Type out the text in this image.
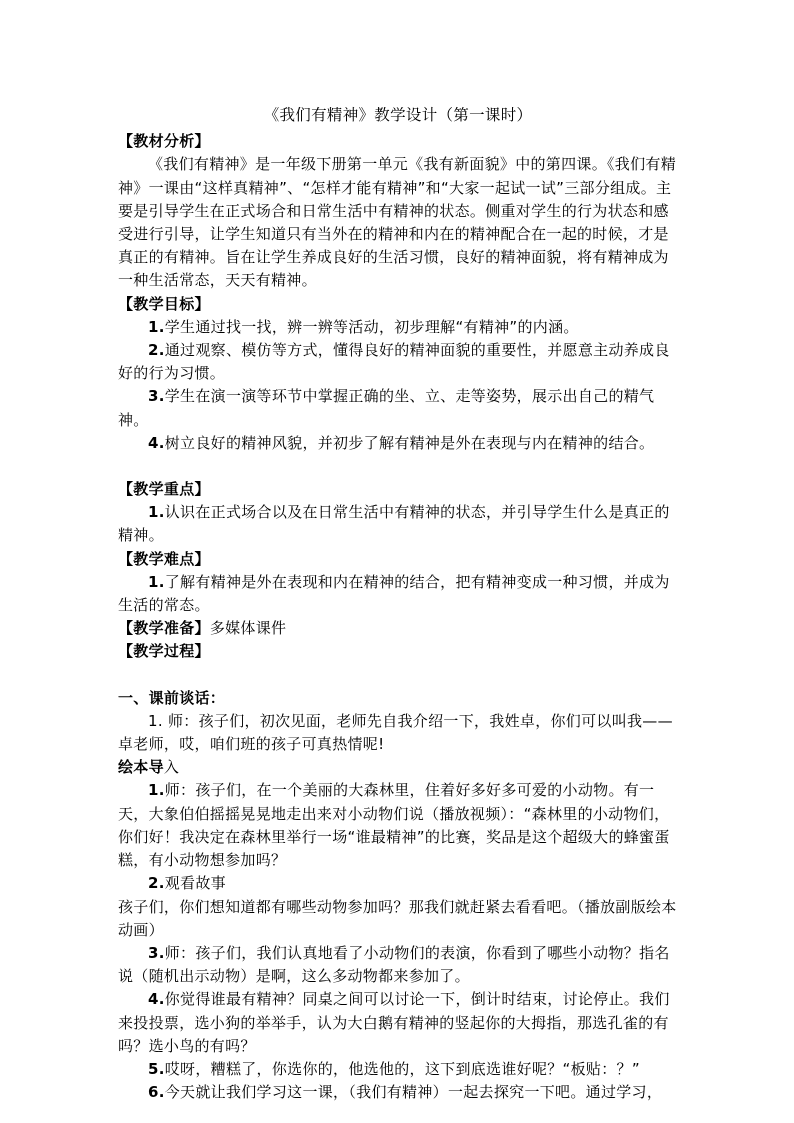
《我们有精神》教学设计（第一课时）
【教材分析】

《我们有精神》是一年级下册第一单元《我有新面貌》中的第四课。《我们有精神》一课由“这样真精神”、“怎样才能有精神”和“大家一起试一试”三部分组成。主要是引导学生在正式场合和日常生活中有精神的状态。侧重对学生的行为状态和感受进行引导，让学生知道只有当外在的精神和内在的精神配合在一起的时候，才是真正的有精神。旨在让学生养成良好的生活习惯，良好的精神面貌，将有精神成为一种生活常态，天天有精神。

【教学目标】

1.学生通过找一找，辨一辨等活动，初步理解“有精神”的内涵。

2.通过观察、模仿等方式，懂得良好的精神面貌的重要性，并愿意主动养成良好的行为习惯。

3.学生在演一演等环节中掌握正确的坐、立、走等姿势，展示出自己的精气神。

4.树立良好的精神风貌，并初步了解有精神是外在表现与内在精神的结合。

【教学重点】

1.认识在正式场合以及在日常生活中有精神的状态，并引导学生什么是真正的精神。

【教学难点】

1.了解有精神是外在表现和内在精神的结合，把有精神变成一种习惯，并成为生活的常态。

【教学准备】多媒体课件
【教学过程】
一、课前谈话：

1. 师：孩子们，初次见面，老师先自我介绍一下，我姓卓，你们可以叫我——卓老师，哎，咱们班的孩子可真热情呢!

绘本导入

1.师：孩子们，在一个美丽的大森林里，住着好多好多可爱的小动物。有一天，大象伯伯摇摇晃晃地走出来对小动物们说（播放视频）：“森林里的小动物们，你们好！我决定在森林里举行一场“谁最精神”的比赛，奖品是这个超级大的蜂蜜蛋糕，有小动物想参加吗？

2.观看故事

孩子们，你们想知道都有哪些动物参加吗？那我们就赶紧去看看吧。（播放副版绘本动画）

3.师：孩子们，我们认真地看了小动物们的表演，你看到了哪些小动物？指名说（随机出示动物）是啊，这么多动物都来参加了。

4.你觉得谁最有精神？同桌之间可以讨论一下，倒计时结束，讨论停止。我们来投投票，选小狗的举举手，认为大白鹅有精神的竖起你的大拇指，那选孔雀的有吗？选小鸟的有吗？

5.哎呀，糟糕了，你选你的，他选他的，这下到底选谁好呢？“板贴：？”

6.今天就让我们学习这一课，（我们有精神）一起去探究一下吧。通过学习，
